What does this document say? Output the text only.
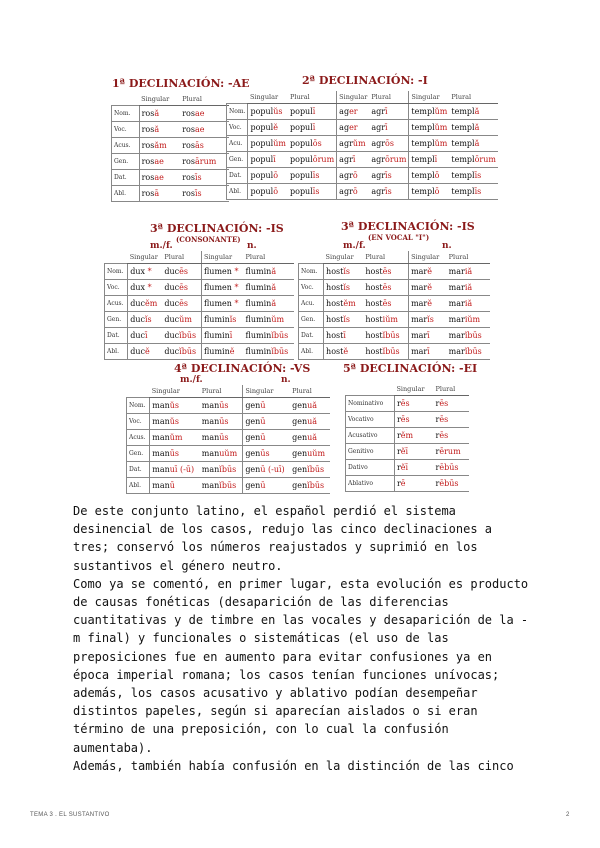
1ª DECLINACIÓN: -AE
	Singular	Plural
Nom.	rosă	rosae
Voc.	rosă	rosae
Acus.	rosăm	rosās
Gen.	rosae	rosārum
Dat.	rosae	rosīs
Abl.	rosā	rosīs
2ª DECLINACIÓN: -I
	Singular	Plural	Singular	Plural	Singular	Plural
Nom.	populŭs	populī	ager	agrī	templŭm	templă
Voc.	populĕ	populī	ager	agrī	templŭm	templă
Acu.	populŭm	populōs	agrŭm	agrōs	templŭm	templă
Gen.	populī	populōrum	agrī	agrōrum	templī	templōrum
Dat.	populō	populīs	agrō	agrīs	templō	templīs
Abl.	populō	populīs	agrō	agrīs	templō	templīs
3ª DECLINACIÓN: -IS
(CONSONANTE)
m./f.	n.
	Singular	Plural	Singular	Plural
Nom.	dux *	ducēs	flumen *	flumină
Voc.	dux *	ducēs	flumen *	flumină
Acus.	ducĕm	ducēs	flumen *	flumină
Gen.	ducĭs	ducŭm	fluminĭs	fluminŭm
Dat.	ducī	ducĭbūs	fluminī	fluminĭbūs
Abl.	ducĕ	ducĭbūs	fluminĕ	fluminĭbūs
3ª DECLINACIÓN: -IS
(EN VOCAL "I")
m./f.	n.
	Singular	Plural	Singular	Plural
Nom.	hostĭs	hostēs	marĕ	mariă
Voc.	hostĭs	hostēs	marĕ	mariă
Acu.	hostĕm	hostēs	marĕ	mariă
Gen.	hostĭs	hostiŭm	marĭs	mariŭm
Dat.	hostī	hostĭbūs	marī	marĭbūs
Abl.	hostĕ	hostĭbūs	marī	marĭbūs
4ª DECLINACIÓN: -VS
m./f.	n.
	Singular	Plural	Singular	Plural
Nom.	manŭs	manūs	genū	genuă
Voc.	manŭs	manūs	genū	genuă
Acus.	manŭm	manūs	genū	genuă
Gen.	manūs	manuŭm	genūs	genuŭm
Dat.	manuī (-ū)	manĭbūs	genū (-uī)	genĭbūs
Abl.	manū	manĭbūs	genū	genĭbūs
5ª DECLINACIÓN: -EI
	Singular	Plural
Nominativo	rēs	rēs
Vocativo	rēs	rēs
Acusativo	rĕm	rēs
Genitivo	rĕī	rērum
Dativo	rĕī	rēbūs
Ablativo	rē	rēbūs

De este conjunto latino, el español perdió el sistema desinencial de los casos, redujo las cinco declinaciones a tres; conservó los números reajustados y suprimió en los sustantivos el género neutro.

Como ya se comentó, en primer lugar, esta evolución es producto de causas fonéticas (desaparición de las diferencias cuantitativas y de timbre en las vocales y desaparición de la -m final) y funcionales o sistemáticas (el uso de las preposiciones fue en aumento para evitar confusiones ya en época imperial romana; los casos tenían funciones unívocas; además, los casos acusativo y ablativo podían desempeñar distintos papeles, según si aparecían aislados o si eran término de una preposición, con lo cual la confusión aumentaba).

Además, también había confusión en la distinción de las cinco

TEMA 3 . EL SUSTANTIVO	2
